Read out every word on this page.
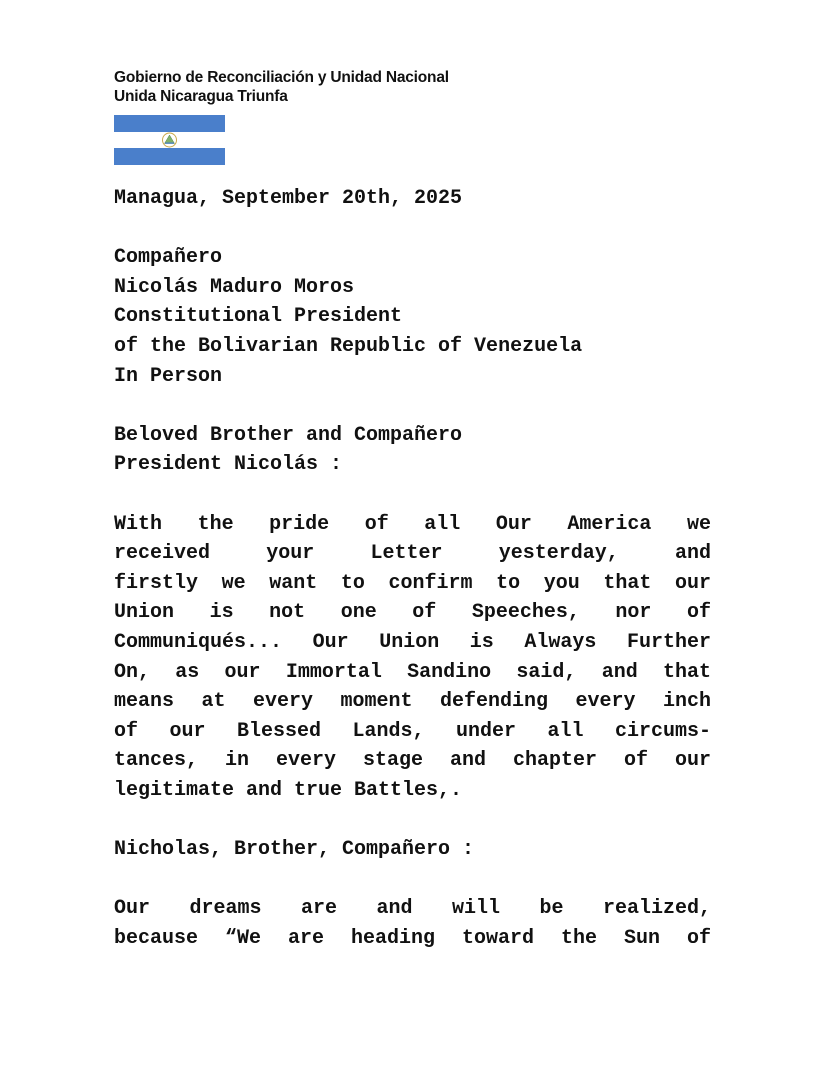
Gobierno de Reconciliación y Unidad Nacional
Unida Nicaragua Triunfa
Managua, September 20th, 2025
Compañero
Nicolás Maduro Moros
Constitutional President
of the Bolivarian Republic of Venezuela
In Person
Beloved Brother and Compañero
President Nicolás :
With the pride of all Our America we
received your Letter yesterday, and
firstly we want to confirm to you that our
Union is not one of Speeches, nor of
Communiqués... Our Union is Always Further
On, as our Immortal Sandino said, and that
means at every moment defending every inch
of our Blessed Lands, under all circums-
tances, in every stage and chapter of our
legitimate and true Battles,.
Nicholas, Brother, Compañero :
Our dreams are and will be realized,
because “We are heading toward the Sun of
